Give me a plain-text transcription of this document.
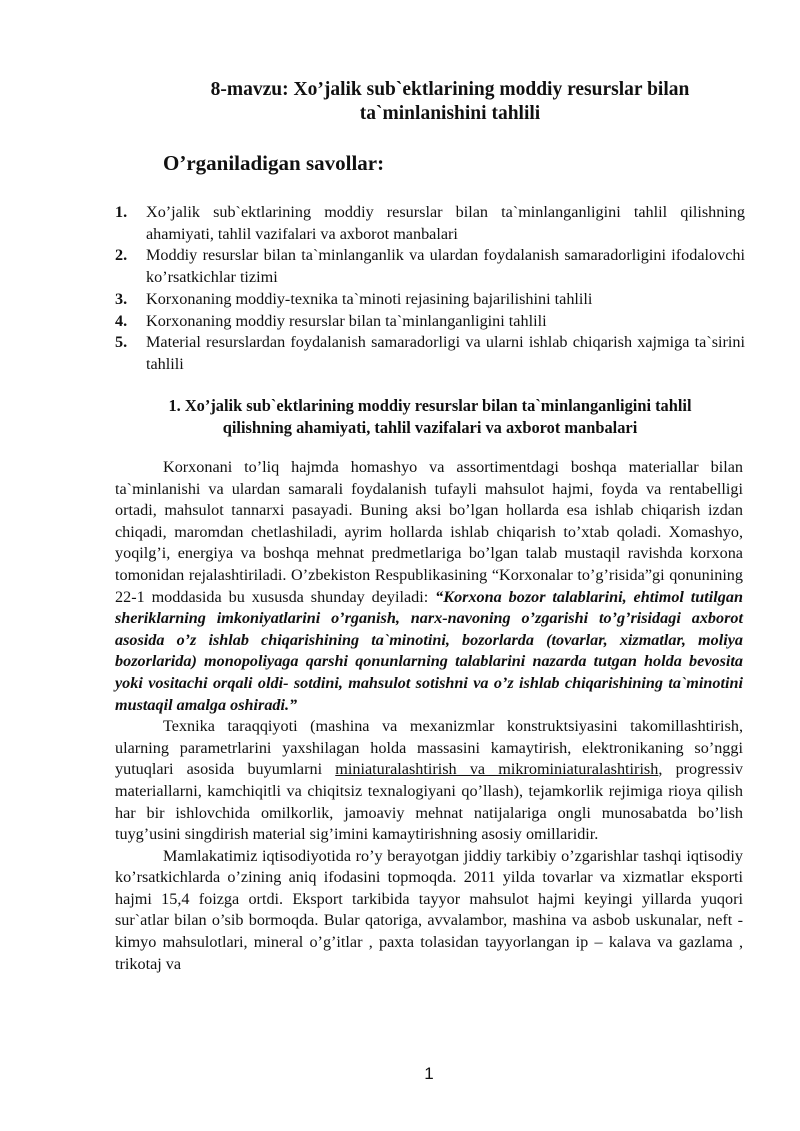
8-mavzu: Xo’jalik sub`ektlarining moddiy resurslar bilan
ta`minlanishini tahlili
O’rganiladigan savollar:
1. Xo’jalik sub`ektlarining moddiy resurslar bilan ta`minlanganligini tahlil qilishning ahamiyati, tahlil vazifalari va axborot manbalari
2. Moddiy resurslar bilan ta`minlanganlik va ulardan foydalanish samaradorligini ifodalovchi ko’rsatkichlar tizimi
3. Korxonaning moddiy-texnika ta`minoti rejasining bajarilishini tahlili
4. Korxonaning moddiy resurslar bilan ta`minlanganligini tahlili
5. Material resurslardan foydalanish samaradorligi va ularni ishlab chiqarish xajmiga ta`sirini tahlili
1. Xo’jalik sub`ektlarining moddiy resurslar bilan ta`minlanganligini tahlil
qilishning ahamiyati, tahlil vazifalari va axborot manbalari

Korxonani to’liq hajmda homashyo va assortimentdagi boshqa materiallar bilan ta`minlanishi va ulardan samarali foydalanish tufayli mahsulot hajmi, foyda va rentabelligi ortadi, mahsulot tannarxi pasayadi. Buning aksi bo’lgan hollarda esa ishlab chiqarish izdan chiqadi, maromdan chetlashiladi, ayrim hollarda ishlab chiqarish to’xtab qoladi. Xomashyo, yoqilg’i, energiya va boshqa mehnat predmetlariga bo’lgan talab mustaqil ravishda korxona tomonidan rejalashtiriladi. O’zbekiston Respublikasining “Korxonalar to’g’risida”gi qonunining 22-1 moddasida bu xususda shunday deyiladi: “Korxona bozor talablarini, ehtimol tutilgan sheriklarning imkoniyatlarini o’rganish, narx-navoning o’zgarishi to’g’risidagi axborot asosida o’z ishlab chiqarishining ta`minotini, bozorlarda (tovarlar, xizmatlar, moliya bozorlarida) monopoliyaga qarshi qonunlarning talablarini nazarda tutgan holda bevosita yoki vositachi orqali oldi- sotdini, mahsulot sotishni va o’z ishlab chiqarishining ta`minotini mustaqil amalga oshiradi.”

Texnika taraqqiyoti (mashina va mexanizmlar konstruktsiyasini takomillashtirish, ularning parametrlarini yaxshilagan holda massasini kamaytirish, elektronikaning so’nggi yutuqlari asosida buyumlarni miniaturalashtirish va mikrominiaturalashtirish, progressiv materiallarni, kamchiqitli va chiqitsiz texnalogiyani qo’llash), tejamkorlik rejimiga rioya qilish har bir ishlovchida omilkorlik, jamoaviy mehnat natijalariga ongli munosabatda bo’lish tuyg’usini singdirish material sig’imini kamaytirishning asosiy omillaridir.

Mamlakatimiz iqtisodiyotida ro’y berayotgan jiddiy tarkibiy o’zgarishlar tashqi iqtisodiy ko’rsatkichlarda o’zining aniq ifodasini topmoqda. 2011 yilda tovarlar va xizmatlar eksporti hajmi 15,4 foizga ortdi. Eksport tarkibida tayyor mahsulot hajmi keyingi yillarda yuqori sur`atlar bilan o’sib bormoqda. Bular qatoriga, avvalambor, mashina va asbob uskunalar, neft - kimyo mahsulotlari, mineral o’g’itlar , paxta tolasidan tayyorlangan ip – kalava va gazlama , trikotaj va

1
